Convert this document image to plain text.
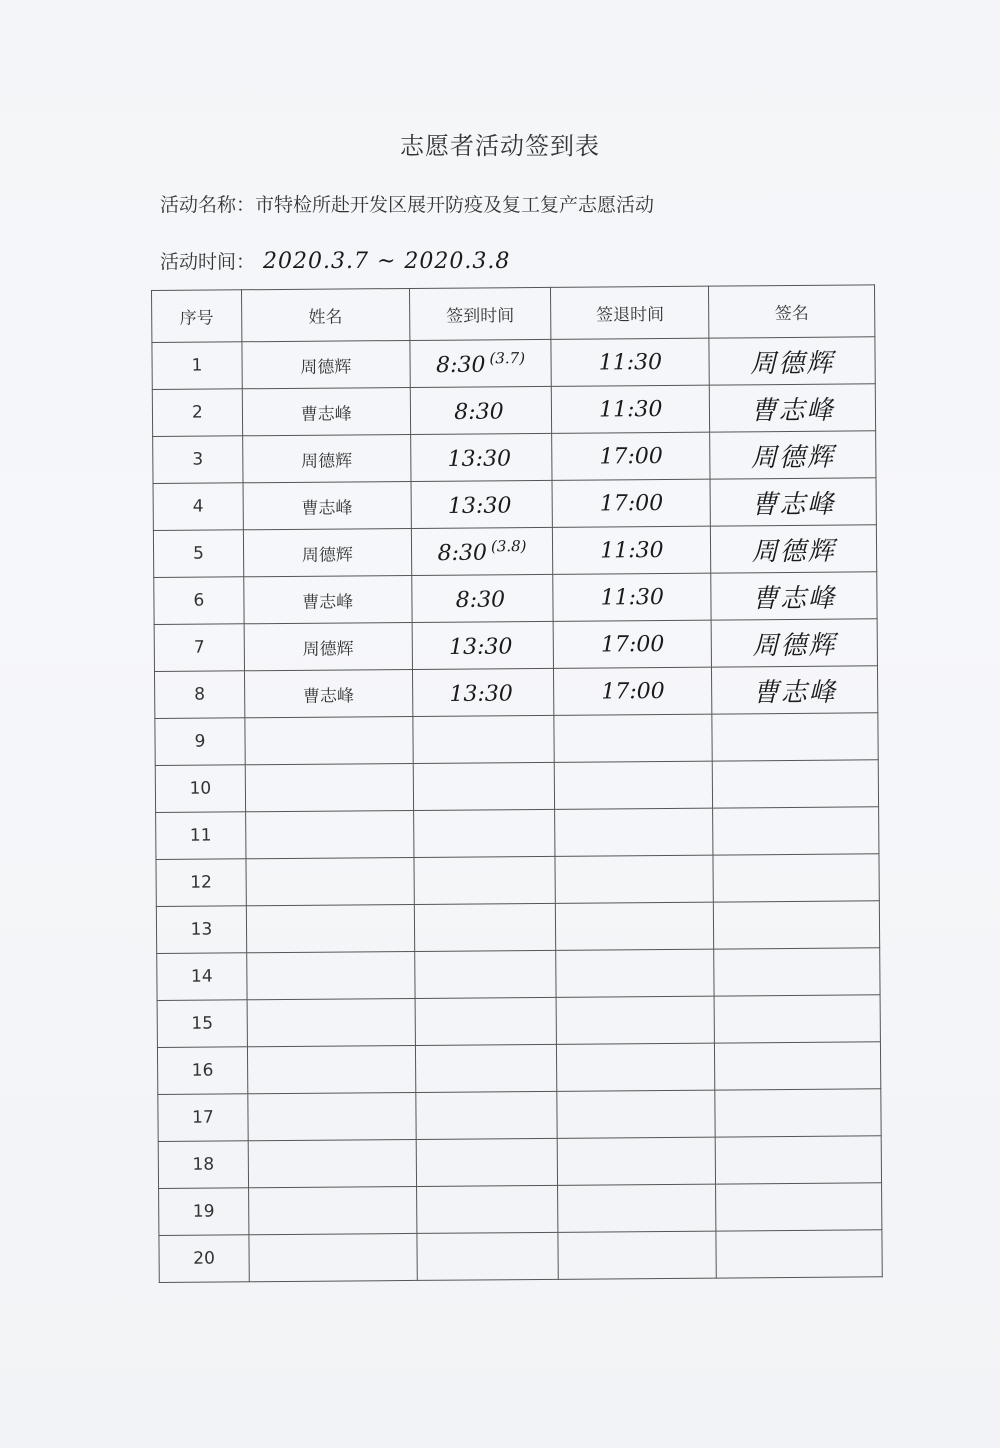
志愿者活动签到表
活动名称：市特检所赴开发区展开防疫及复工复产志愿活动
活动时间： 2020.3.7 ~ 2020.3.8
序号	姓名	签到时间	签退时间	签名
1	周德辉	8:30 $^{(3.7)}$	11:30	周德辉
2	曹志峰	8:30	11:30	曹志峰
3	周德辉	13:30	17:00	周德辉
4	曹志峰	13:30	17:00	曹志峰
5	周德辉	8:30 $^{(3.8)}$	11:30	周德辉
6	曹志峰	8:30	11:30	曹志峰
7	周德辉	13:30	17:00	周德辉
8	曹志峰	13:30	17:00	曹志峰
9				
10				
11				
12				
13				
14				
15				
16				
17				
18				
19				
20				
